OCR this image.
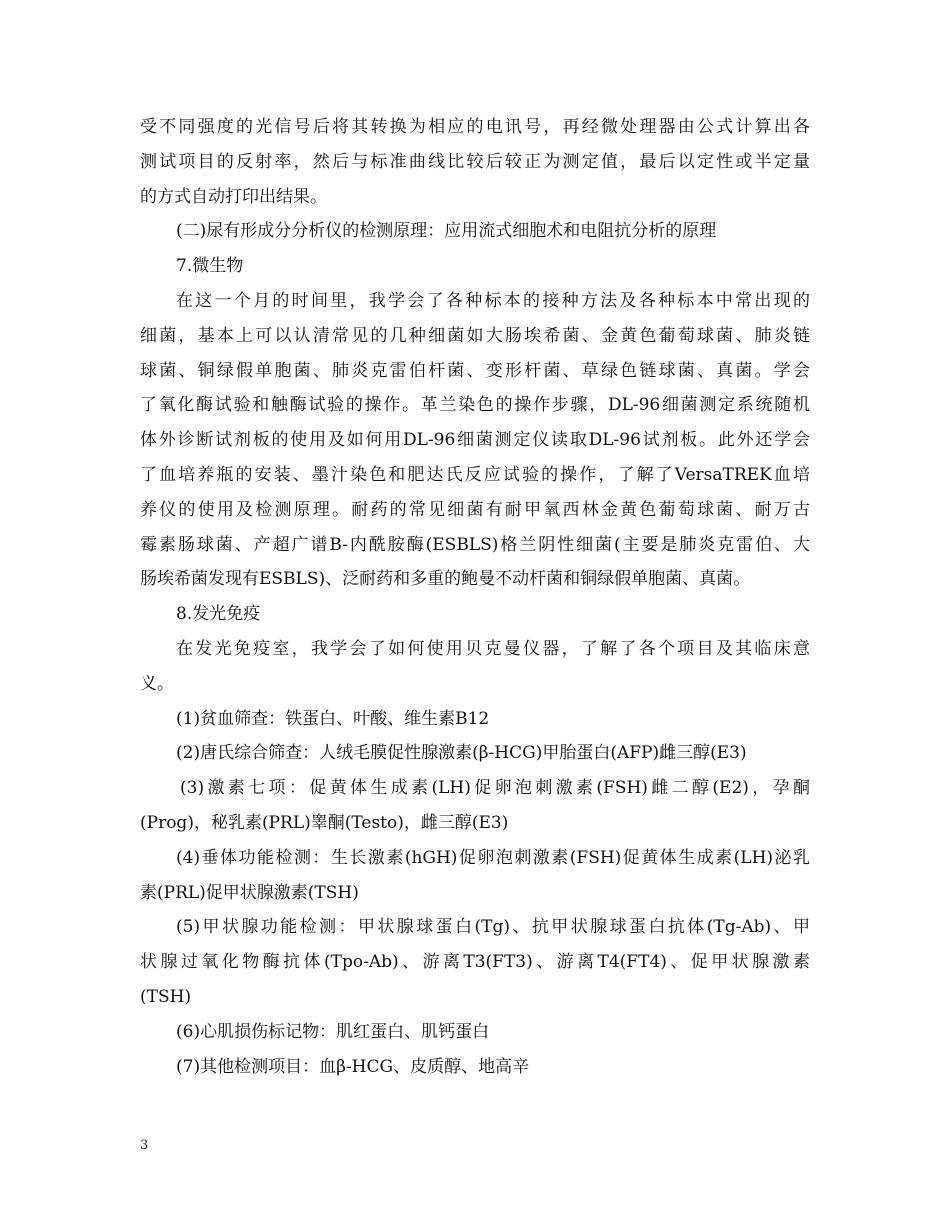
受不同强度的光信号后将其转换为相应的电讯号，再经微处理器由公式计算出各
测试项目的反射率，然后与标准曲线比较后较正为测定值，最后以定性或半定量
的方式自动打印出结果。
(二)尿有形成分分析仪的检测原理：应用流式细胞术和电阻抗分析的原理
7.微生物
在这一个月的时间里，我学会了各种标本的接种方法及各种标本中常出现的
细菌，基本上可以认清常见的几种细菌如大肠埃希菌、金黄色葡萄球菌、肺炎链
球菌、铜绿假单胞菌、肺炎克雷伯杆菌、变形杆菌、草绿色链球菌、真菌。学会
了氧化酶试验和触酶试验的操作。革兰染色的操作步骤，DL-96细菌测定系统随机
体外诊断试剂板的使用及如何用DL-96细菌测定仪读取DL-96试剂板。此外还学会
了血培养瓶的安装、墨汁染色和肥达氏反应试验的操作，了解了VersaTREK血培
养仪的使用及检测原理。耐药的常见细菌有耐甲氧西林金黄色葡萄球菌、耐万古
霉素肠球菌、产超广谱B-内酰胺酶(ESBLS)格兰阴性细菌(主要是肺炎克雷伯、大
肠埃希菌发现有ESBLS)、泛耐药和多重的鲍曼不动杆菌和铜绿假单胞菌、真菌。
8.发光免疫
在发光免疫室，我学会了如何使用贝克曼仪器，了解了各个项目及其临床意
义。
(1)贫血筛查：铁蛋白、叶酸、维生素B12
(2)唐氏综合筛查：人绒毛膜促性腺激素(β-HCG)甲胎蛋白(AFP)雌三醇(E3)
(3)激素七项：促黄体生成素(LH)促卵泡刺激素(FSH)雌二醇(E2)，孕酮
(Prog)，秘乳素(PRL)睾酮(Testo)，雌三醇(E3)
(4)垂体功能检测：生长激素(hGH)促卵泡刺激素(FSH)促黄体生成素(LH)泌乳
素(PRL)促甲状腺激素(TSH)
(5)甲状腺功能检测：甲状腺球蛋白(Tg)、抗甲状腺球蛋白抗体(Tg-Ab)、甲
状腺过氧化物酶抗体(Tpo-Ab)、游离T3(FT3)、游离T4(FT4)、促甲状腺激素
(TSH)
(6)心肌损伤标记物：肌红蛋白、肌钙蛋白
(7)其他检测项目：血β-HCG、皮质醇、地高辛
3
